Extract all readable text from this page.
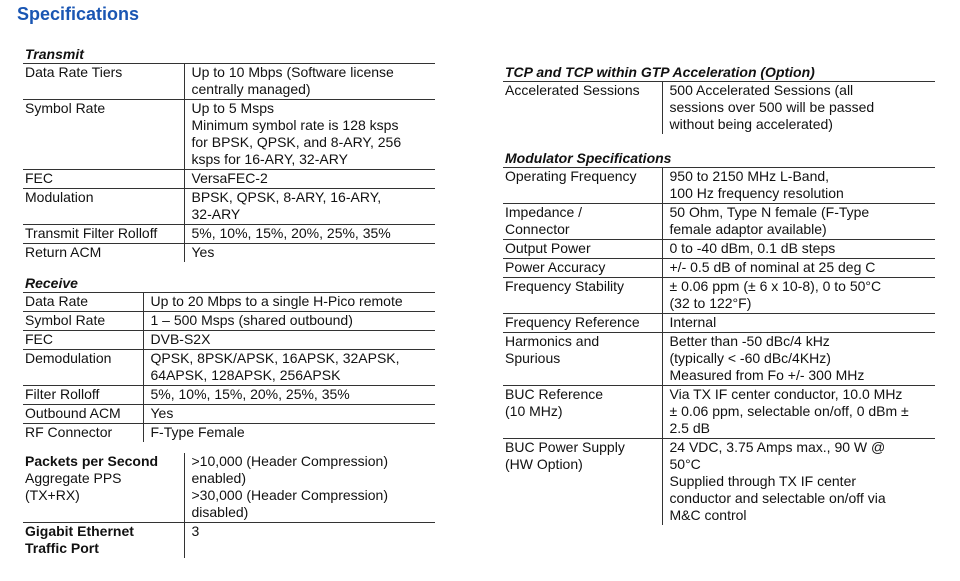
Specifications
Transmit
Data Rate Tiers	Up to 10 Mbps (Software license
centrally managed)

Symbol Rate	Up to 5 Msps
Minimum symbol rate is 128 ksps
for BPSK, QPSK, and 8-ARY, 256
ksps for 16-ARY, 32-ARY

FEC	VersaFEC-2

Modulation	BPSK, QPSK, 8-ARY, 16-ARY,
32-ARY

Transmit Filter Rolloff	5%, 10%, 15%, 20%, 25%, 35%

Return ACM	Yes
Receive
Data Rate	Up to 20 Mbps to a single H-Pico remote

Symbol Rate	1 – 500 Msps (shared outbound)

FEC	DVB-S2X

Demodulation	QPSK, 8PSK/APSK, 16APSK, 32APSK,
64APSK, 128APSK, 256APSK

Filter Rolloff	5%, 10%, 15%, 20%, 25%, 35%

Outbound ACM	Yes

RF Connector	F-Type Female
Packets per Second
Aggregate PPS
(TX+RX)	>10,000 (Header Compression)
enabled)
>30,000 (Header Compression)
disabled)

Gigabit Ethernet
Traffic Port	3
TCP and TCP within GTP Acceleration (Option)
Accelerated Sessions	500 Accelerated Sessions (all
sessions over 500 will be passed
without being accelerated)
Modulator Specifications
Operating Frequency	950 to 2150 MHz L-Band,
100 Hz frequency resolution

Impedance /
Connector	50 Ohm, Type N female (F-Type
female adaptor available)

Output Power	0 to -40 dBm, 0.1 dB steps

Power Accuracy	+/- 0.5 dB of nominal at 25 deg C

Frequency Stability	± 0.06 ppm (± 6 x 10-8), 0 to 50°C
(32 to 122°F)

Frequency Reference	Internal

Harmonics and
Spurious	Better than -50 dBc/4 kHz
(typically < -60 dBc/4KHz)
Measured from Fo +/- 300 MHz

BUC Reference
(10 MHz)	Via TX IF center conductor, 10.0 MHz
± 0.06 ppm, selectable on/off, 0 dBm ±
2.5 dB

BUC Power Supply
(HW Option)	24 VDC, 3.75 Amps max., 90 W @
50°C
Supplied through TX IF center
conductor and selectable on/off via
M&C control
